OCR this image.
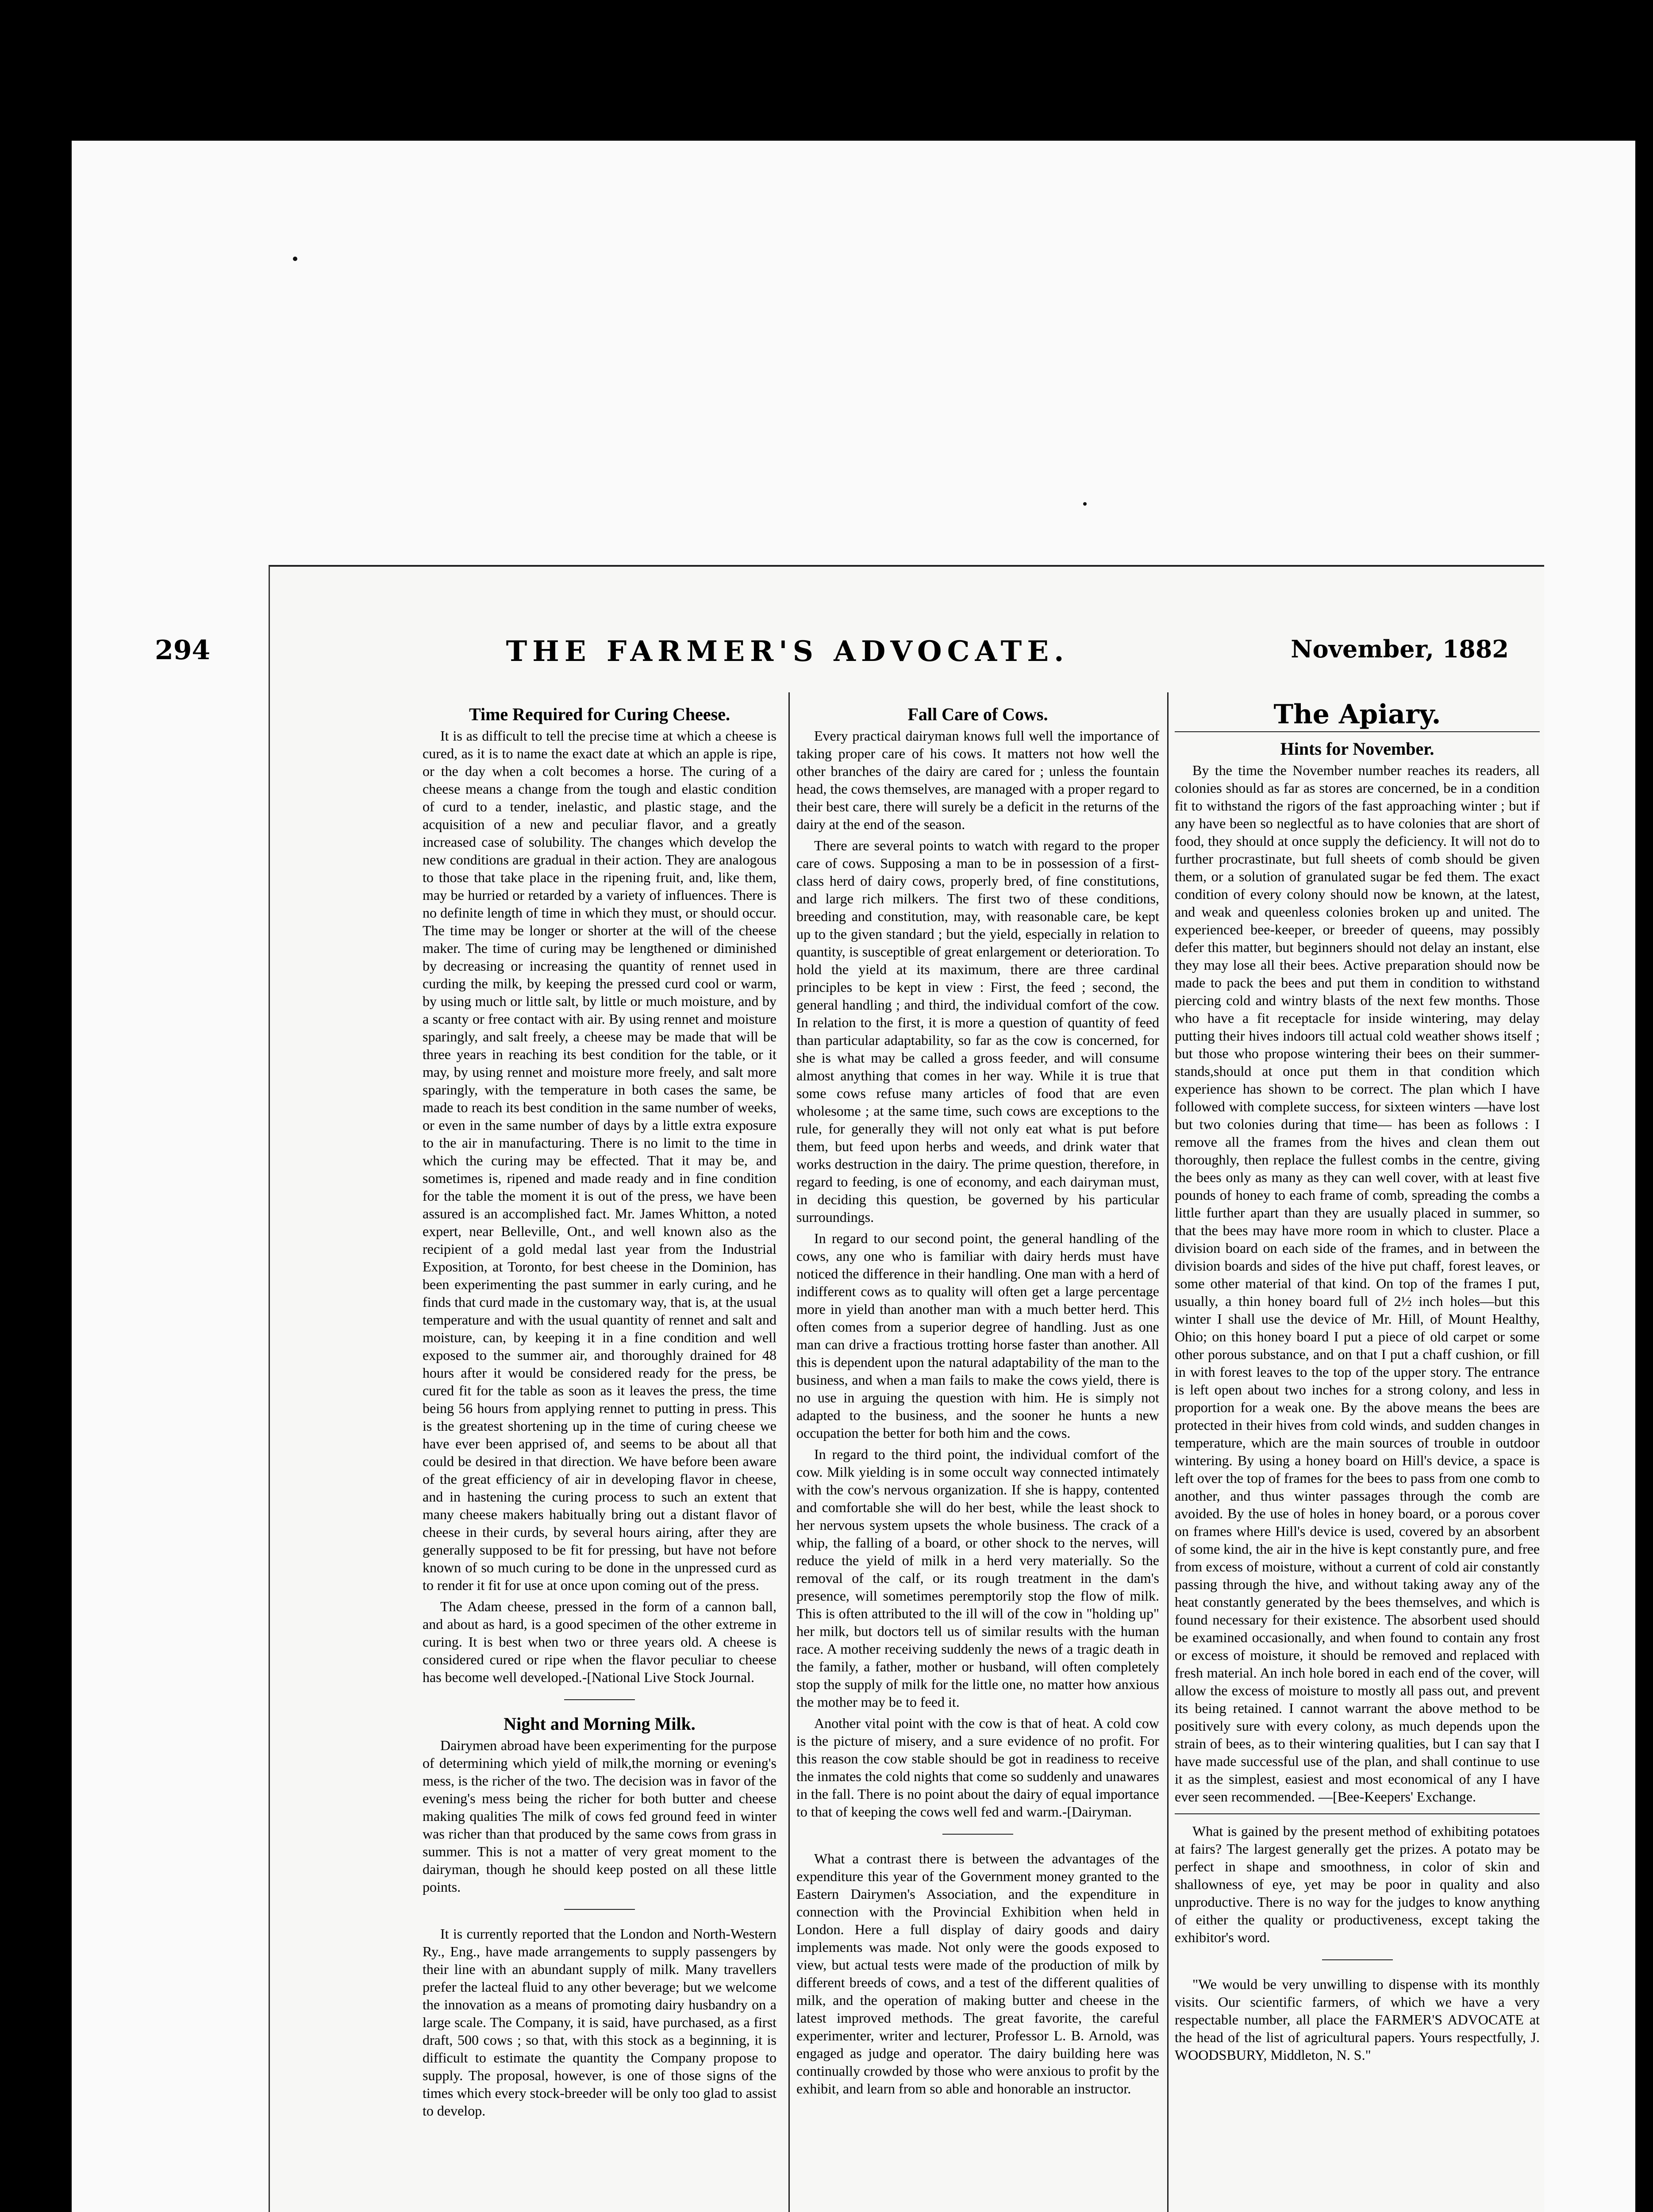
294	THE FARMER'S ADVOCATE.	November, 1882

Time Required for Curing Cheese.

It is as difficult to tell the precise time at which a cheese is cured, as it is to name the exact date at which an apple is ripe, or the day when a colt becomes a horse. The curing of a cheese means a change from the tough and elastic condition of curd to a tender, inelastic, and plastic stage, and the acquisition of a new and peculiar flavor, and a greatly increased case of solubility. The changes which develop the new conditions are gradual in their action. They are analogous to those that take place in the ripening fruit, and, like them, may be hurried or retarded by a variety of influences. There is no definite length of time in which they must, or should occur. The time may be longer or shorter at the will of the cheese maker. The time of curing may be lengthened or diminished by decreasing or increasing the quantity of rennet used in curding the milk, by keeping the pressed curd cool or warm, by using much or little salt, by little or much moisture, and by a scanty or free contact with air. By using rennet and moisture sparingly, and salt freely, a cheese may be made that will be three years in reaching its best condition for the table, or it may, by using rennet and moisture more freely, and salt more sparingly, with the temperature in both cases the same, be made to reach its best condition in the same number of weeks, or even in the same number of days by a little extra exposure to the air in manufacturing. There is no limit to the time in which the curing may be effected. That it may be, and sometimes is, ripened and made ready and in fine condition for the table the moment it is out of the press, we have been assured is an accomplished fact. Mr. James Whitton, a noted expert, near Belleville, Ont., and well known also as the recipient of a gold medal last year from the Industrial Exposition, at Toronto, for best cheese in the Dominion, has been experimenting the past summer in early curing, and he finds that curd made in the customary way, that is, at the usual temperature and with the usual quantity of rennet and salt and moisture, can, by keeping it in a fine condition and well exposed to the summer air, and thoroughly drained for 48 hours after it would be considered ready for the press, be cured fit for the table as soon as it leaves the press, the time being 56 hours from applying rennet to putting in press. This is the greatest shortening up in the time of curing cheese we have ever been apprised of, and seems to be about all that could be desired in that direction. We have before been aware of the great efficiency of air in developing flavor in cheese, and in hastening the curing process to such an extent that many cheese makers habitually bring out a distant flavor of cheese in their curds, by several hours airing, after they are generally supposed to be fit for pressing, but have not before known of so much curing to be done in the unpressed curd as to render it fit for use at once upon coming out of the press.

The Adam cheese, pressed in the form of a cannon ball, and about as hard, is a good specimen of the other extreme in curing. It is best when two or three years old. A cheese is considered cured or ripe when the flavor peculiar to cheese has become well developed.-[National Live Stock Journal.

Night and Morning Milk.

Dairymen abroad have been experimenting for the purpose of determining which yield of milk,the morning or evening's mess, is the richer of the two. The decision was in favor of the evening's mess being the richer for both butter and cheese making qualities The milk of cows fed ground feed in winter was richer than that produced by the same cows from grass in summer. This is not a matter of very great moment to the dairyman, though he should keep posted on all these little points.

It is currently reported that the London and North-Western Ry., Eng., have made arrangements to supply passengers by their line with an abundant supply of milk. Many travellers prefer the lacteal fluid to any other beverage; but we welcome the innovation as a means of promoting dairy husbandry on a large scale. The Company, it is said, have purchased, as a first draft, 500 cows ; so that, with this stock as a beginning, it is difficult to estimate the quantity the Company propose to supply. The proposal, however, is one of those signs of the times which every stock-breeder will be only too glad to assist to develop.

Fall Care of Cows.

Every practical dairyman knows full well the importance of taking proper care of his cows. It matters not how well the other branches of the dairy are cared for ; unless the fountain head, the cows themselves, are managed with a proper regard to their best care, there will surely be a deficit in the returns of the dairy at the end of the season.

There are several points to watch with regard to the proper care of cows. Supposing a man to be in possession of a first-class herd of dairy cows, properly bred, of fine constitutions, and large rich milkers. The first two of these conditions, breeding and constitution, may, with reasonable care, be kept up to the given standard ; but the yield, especially in relation to quantity, is susceptible of great enlargement or deterioration. To hold the yield at its maximum, there are three cardinal principles to be kept in view : First, the feed ; second, the general handling ; and third, the individual comfort of the cow. In relation to the first, it is more a question of quantity of feed than particular adaptability, so far as the cow is concerned, for she is what may be called a gross feeder, and will consume almost anything that comes in her way. While it is true that some cows refuse many articles of food that are even wholesome ; at the same time, such cows are exceptions to the rule, for generally they will not only eat what is put before them, but feed upon herbs and weeds, and drink water that works destruction in the dairy. The prime question, therefore, in regard to feeding, is one of economy, and each dairyman must, in deciding this question, be governed by his particular surroundings.

In regard to our second point, the general handling of the cows, any one who is familiar with dairy herds must have noticed the difference in their handling. One man with a herd of indifferent cows as to quality will often get a large percentage more in yield than another man with a much better herd. This often comes from a superior degree of handling. Just as one man can drive a fractious trotting horse faster than another. All this is dependent upon the natural adaptability of the man to the business, and when a man fails to make the cows yield, there is no use in arguing the question with him. He is simply not adapted to the business, and the sooner he hunts a new occupation the better for both him and the cows.

In regard to the third point, the individual comfort of the cow. Milk yielding is in some occult way connected intimately with the cow's nervous organization. If she is happy, contented and comfortable she will do her best, while the least shock to her nervous system upsets the whole business. The crack of a whip, the falling of a board, or other shock to the nerves, will reduce the yield of milk in a herd very materially. So the removal of the calf, or its rough treatment in the dam's presence, will sometimes peremptorily stop the flow of milk. This is often attributed to the ill will of the cow in "holding up" her milk, but doctors tell us of similar results with the human race. A mother receiving suddenly the news of a tragic death in the family, a father, mother or husband, will often completely stop the supply of milk for the little one, no matter how anxious the mother may be to feed it.

Another vital point with the cow is that of heat. A cold cow is the picture of misery, and a sure evidence of no profit. For this reason the cow stable should be got in readiness to receive the inmates the cold nights that come so suddenly and unawares in the fall. There is no point about the dairy of equal importance to that of keeping the cows well fed and warm.-[Dairyman.

What a contrast there is between the advantages of the expenditure this year of the Government money granted to the Eastern Dairymen's Association, and the expenditure in connection with the Provincial Exhibition when held in London. Here a full display of dairy goods and dairy implements was made. Not only were the goods exposed to view, but actual tests were made of the production of milk by different breeds of cows, and a test of the different qualities of milk, and the operation of making butter and cheese in the latest improved methods. The great favorite, the careful experimenter, writer and lecturer, Professor L. B. Arnold, was engaged as judge and operator. The dairy building here was continually crowded by those who were anxious to profit by the exhibit, and learn from so able and honorable an instructor.

The Apiary.

Hints for November.

By the time the November number reaches its readers, all colonies should as far as stores are concerned, be in a condition fit to withstand the rigors of the fast approaching winter ; but if any have been so neglectful as to have colonies that are short of food, they should at once supply the deficiency. It will not do to further procrastinate, but full sheets of comb should be given them, or a solution of granulated sugar be fed them. The exact condition of every colony should now be known, at the latest, and weak and queenless colonies broken up and united. The experienced bee-keeper, or breeder of queens, may possibly defer this matter, but beginners should not delay an instant, else they may lose all their bees. Active preparation should now be made to pack the bees and put them in condition to withstand piercing cold and wintry blasts of the next few months. Those who have a fit receptacle for inside wintering, may delay putting their hives indoors till actual cold weather shows itself ; but those who propose wintering their bees on their summer-stands,should at once put them in that condition which experience has shown to be correct. The plan which I have followed with complete success, for sixteen winters —have lost but two colonies during that time— has been as follows : I remove all the frames from the hives and clean them out thoroughly, then replace the fullest combs in the centre, giving the bees only as many as they can well cover, with at least five pounds of honey to each frame of comb, spreading the combs a little further apart than they are usually placed in summer, so that the bees may have more room in which to cluster. Place a division board on each side of the frames, and in between the division boards and sides of the hive put chaff, forest leaves, or some other material of that kind. On top of the frames I put, usually, a thin honey board full of 2½ inch holes—but this winter I shall use the device of Mr. Hill, of Mount Healthy, Ohio; on this honey board I put a piece of old carpet or some other porous substance, and on that I put a chaff cushion, or fill in with forest leaves to the top of the upper story. The entrance is left open about two inches for a strong colony, and less in proportion for a weak one. By the above means the bees are protected in their hives from cold winds, and sudden changes in temperature, which are the main sources of trouble in outdoor wintering. By using a honey board on Hill's device, a space is left over the top of frames for the bees to pass from one comb to another, and thus winter passages through the comb are avoided. By the use of holes in honey board, or a porous cover on frames where Hill's device is used, covered by an absorbent of some kind, the air in the hive is kept constantly pure, and free from excess of moisture, without a current of cold air constantly passing through the hive, and without taking away any of the heat constantly generated by the bees themselves, and which is found necessary for their existence. The absorbent used should be examined occasionally, and when found to contain any frost or excess of moisture, it should be removed and replaced with fresh material. An inch hole bored in each end of the cover, will allow the excess of moisture to mostly all pass out, and prevent its being retained. I cannot warrant the above method to be positively sure with every colony, as much depends upon the strain of bees, as to their wintering qualities, but I can say that I have made successful use of the plan, and shall continue to use it as the simplest, easiest and most economical of any I have ever seen recommended. —[Bee-Keepers' Exchange.

What is gained by the present method of exhibiting potatoes at fairs? The largest generally get the prizes. A potato may be perfect in shape and smoothness, in color of skin and shallowness of eye, yet may be poor in quality and also unproductive. There is no way for the judges to know anything of either the quality or productiveness, except taking the exhibitor's word.

"We would be very unwilling to dispense with its monthly visits. Our scientific farmers, of which we have a very respectable number, all place the FARMER'S ADVOCATE at the head of the list of agricultural papers. Yours respectfully, J. WOODSBURY, Middleton, N. S."
